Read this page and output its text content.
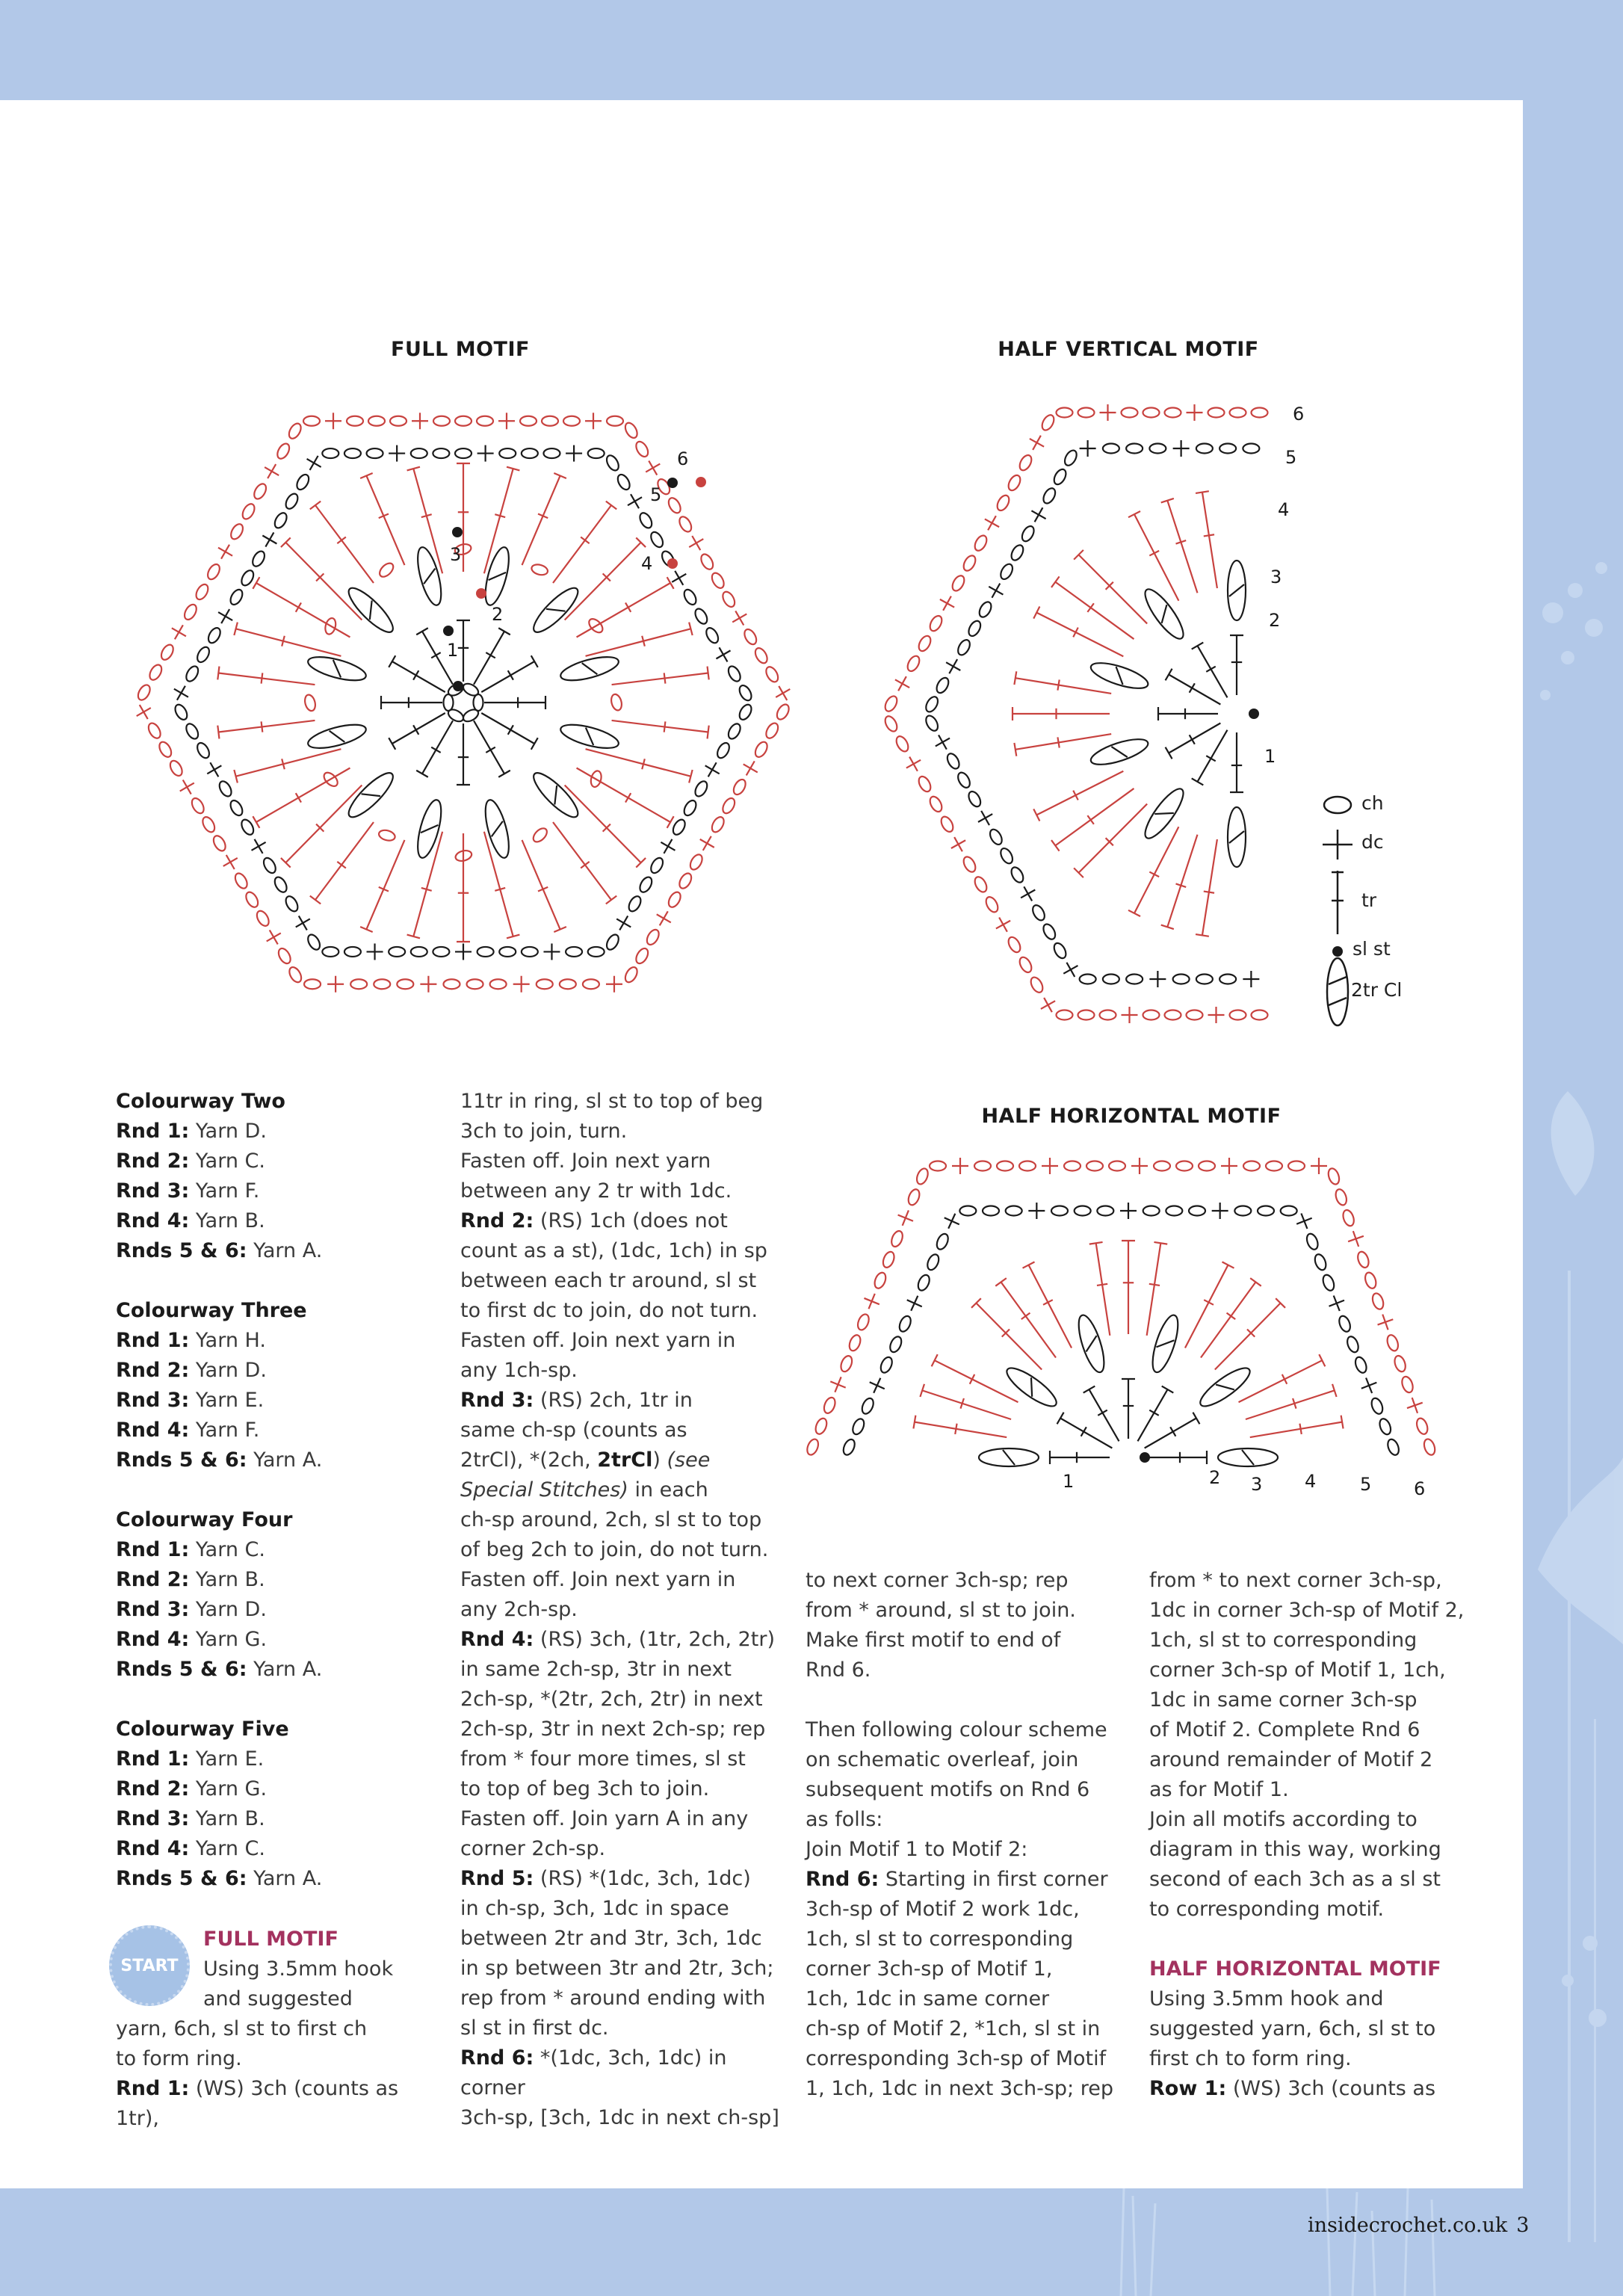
FULL MOTIF	HALF VERTICAL MOTIF
HALF HORIZONTAL MOTIF
1
2
3	4
5
6
1
2
3
4
5
6
1	2 3 4 5 6
ch
dc
tr
sl st
2tr Cl

Colourway Two

Rnd 1: Yarn D.

Rnd 2: Yarn C.

Rnd 3: Yarn F.

Rnd 4: Yarn B.

Rnds 5 & 6: Yarn A.

Colourway Three

Rnd 1: Yarn H.

Rnd 2: Yarn D.

Rnd 3: Yarn E.

Rnd 4: Yarn F.

Rnds 5 & 6: Yarn A.

Colourway Four

Rnd 1: Yarn C.

Rnd 2: Yarn B.

Rnd 3: Yarn D.

Rnd 4: Yarn G.

Rnds 5 & 6: Yarn A.

Colourway Five

Rnd 1: Yarn E.

Rnd 2: Yarn G.

Rnd 3: Yarn B.

Rnd 4: Yarn C.

Rnds 5 & 6: Yarn A.

START

FULL MOTIF

Using 3.5mm hook

and suggested

yarn, 6ch, sl st to first ch

to form ring.

Rnd 1: (WS) 3ch (counts as 1tr),

11tr in ring, sl st to top of beg

3ch to join, turn.

Fasten off. Join next yarn

between any 2 tr with 1dc.

Rnd 2: (RS) 1ch (does not

count as a st), (1dc, 1ch) in sp

between each tr around, sl st

to first dc to join, do not turn.

Fasten off. Join next yarn in

any 1ch-sp.

Rnd 3: (RS) 2ch, 1tr in

same ch-sp (counts as

2trCl), *(2ch, 2trCl) (see

Special Stitches) in each

ch-sp around, 2ch, sl st to top

of beg 2ch to join, do not turn.

Fasten off. Join next yarn in

any 2ch-sp.

Rnd 4: (RS) 3ch, (1tr, 2ch, 2tr)

in same 2ch-sp, 3tr in next

2ch-sp, *(2tr, 2ch, 2tr) in next

2ch-sp, 3tr in next 2ch-sp; rep

from * four more times, sl st

to top of beg 3ch to join.

Fasten off. Join yarn A in any

corner 2ch-sp.

Rnd 5: (RS) *(1dc, 3ch, 1dc)

in ch-sp, 3ch, 1dc in space

between 2tr and 3tr, 3ch, 1dc

in sp between 3tr and 2tr, 3ch;

rep from * around ending with

sl st in first dc.

Rnd 6: *(1dc, 3ch, 1dc) in corner

3ch-sp, [3ch, 1dc in next ch-sp]

to next corner 3ch-sp; rep

from * around, sl st to join.

Make first motif to end of

Rnd 6.

Then following colour scheme

on schematic overleaf, join

subsequent motifs on Rnd 6

as folls:

Join Motif 1 to Motif 2:

Rnd 6: Starting in first corner

3ch-sp of Motif 2 work 1dc,

1ch, sl st to corresponding

corner 3ch-sp of Motif 1,

1ch, 1dc in same corner

ch-sp of Motif 2, *1ch, sl st in

corresponding 3ch-sp of Motif

1, 1ch, 1dc in next 3ch-sp; rep

from * to next corner 3ch-sp,

1dc in corner 3ch-sp of Motif 2,

1ch, sl st to corresponding

corner 3ch-sp of Motif 1, 1ch,

1dc in same corner 3ch-sp

of Motif 2. Complete Rnd 6

around remainder of Motif 2

as for Motif 1.

Join all motifs according to

diagram in this way, working

second of each 3ch as a sl st

to corresponding motif.

HALF HORIZONTAL MOTIF

Using 3.5mm hook and

suggested yarn, 6ch, sl st to

first ch to form ring.

Row 1: (WS) 3ch (counts as

insidecrochet.co.uk 3
